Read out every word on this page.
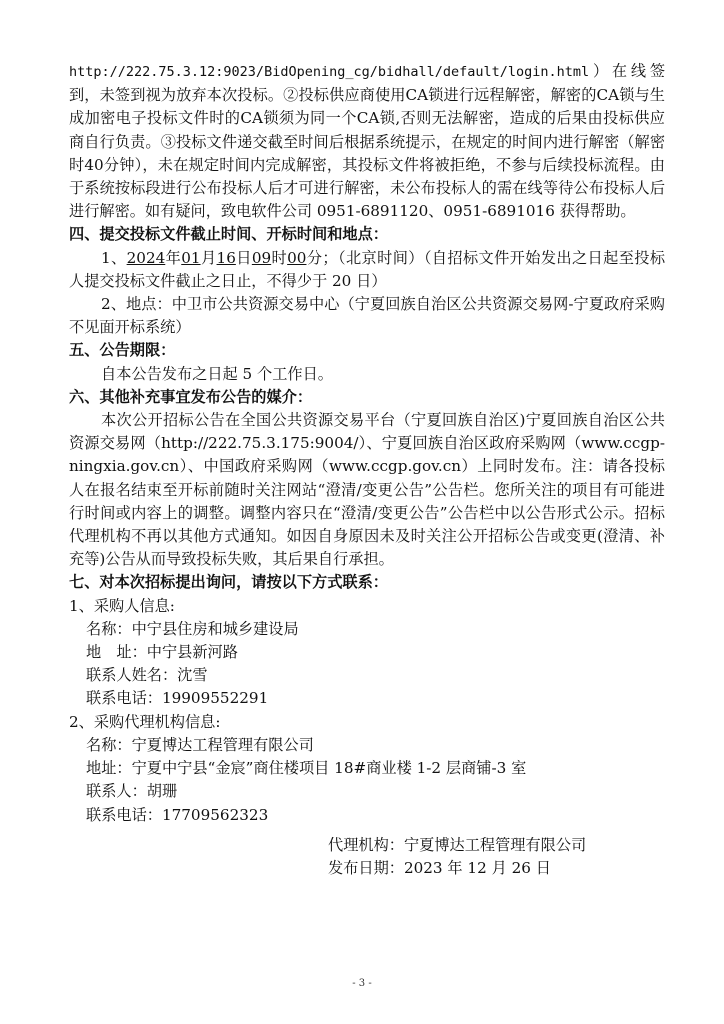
http://222.75.3.12:9023/BidOpening_cg/bidhall/default/login.html）在线签到，未签到视为放弃本次投标。②投标供应商使用CA锁进行远程解密，解密的CA锁与生成加密电子投标文件时的CA锁须为同一个CA锁,否则无法解密，造成的后果由投标供应商自行负责。③投标文件递交截至时间后根据系统提示，在规定的时间内进行解密（解密时40分钟），未在规定时间内完成解密，其投标文件将被拒绝，不参与后续投标流程。由于系统按标段进行公布投标人后才可进行解密，未公布投标人的需在线等待公布投标人后进行解密。如有疑问，致电软件公司 0951-6891120、0951-6891016 获得帮助。

四、提交投标文件截止时间、开标时间和地点：

1、2024年01月16日09时00分；（北京时间）（自招标文件开始发出之日起至投标人提交投标文件截止之日止，不得少于 20 日）

2、地点：中卫市公共资源交易中心（宁夏回族自治区公共资源交易网-宁夏政府采购不见面开标系统）

五、公告期限：

自本公告发布之日起 5 个工作日。

六、其他补充事宜发布公告的媒介：

本次公开招标公告在全国公共资源交易平台（宁夏回族自治区)宁夏回族自治区公共资源交易网（http://222.75.3.175:9004/）、宁夏回族自治区政府采购网（www.ccgp-ningxia.gov.cn）、中国政府采购网（www.ccgp.gov.cn）上同时发布。注：请各投标人在报名结束至开标前随时关注网站“澄清/变更公告”公告栏。您所关注的项目有可能进行时间或内容上的调整。调整内容只在“澄清/变更公告”公告栏中以公告形式公示。招标代理机构不再以其他方式通知。如因自身原因未及时关注公开招标公告或变更(澄清、补充等)公告从而导致投标失败，其后果自行承担。

七、对本次招标提出询问，请按以下方式联系：

1、采购人信息:

名称：中宁县住房和城乡建设局

地　址：中宁县新河路

联系人姓名：沈雪

联系电话：19909552291

2、采购代理机构信息:

名称：宁夏博达工程管理有限公司

地址：宁夏中宁县“金宸”商住楼项目 18#商业楼 1-2 层商铺-3 室

联系人：胡珊

联系电话：17709562323

代理机构：宁夏博达工程管理有限公司
发布日期：2023 年 12 月 26 日
- 3 -
